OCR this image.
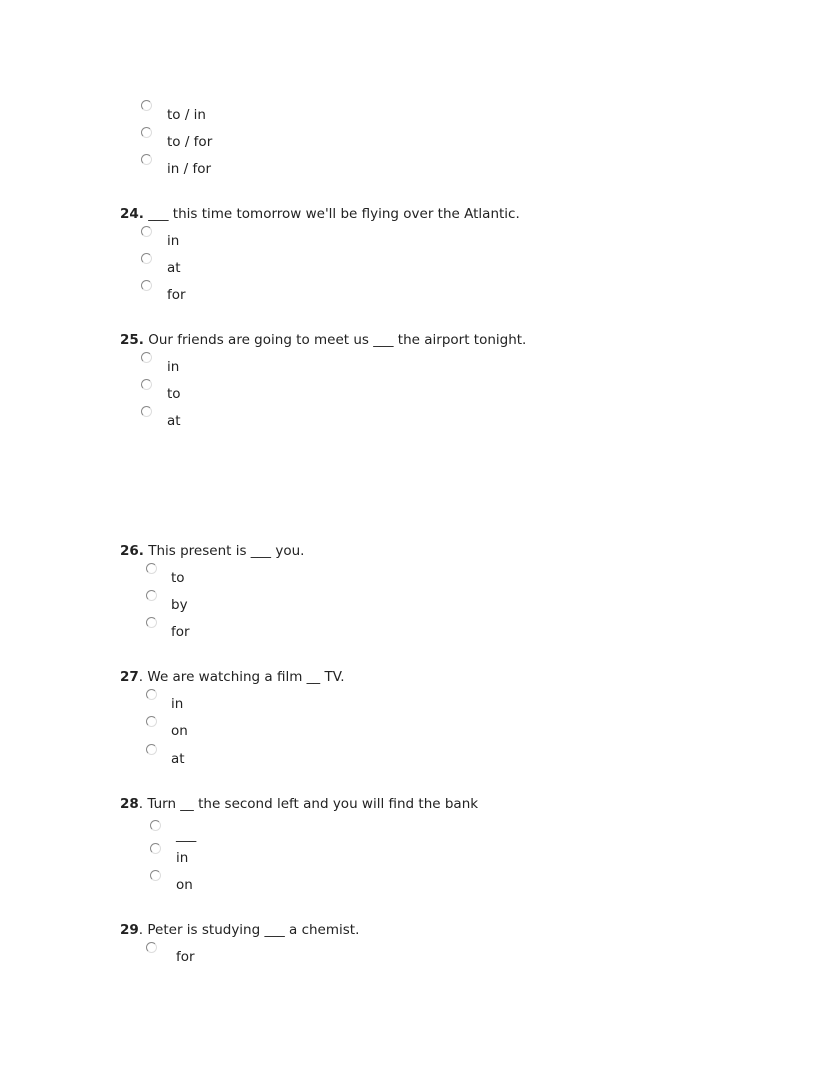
to / in
to / for
in / for
24. ___ this time tomorrow we'll be flying over the Atlantic.
in
at
for
25. Our friends are going to meet us ___ the airport tonight.
in
to
at
26. This present is ___ you.
to
by
for
27. We are watching a film __ TV.
in
on
at
28. Turn __ the second left and you will find the bank
___
in
on
29. Peter is studying ___ a chemist.
for
